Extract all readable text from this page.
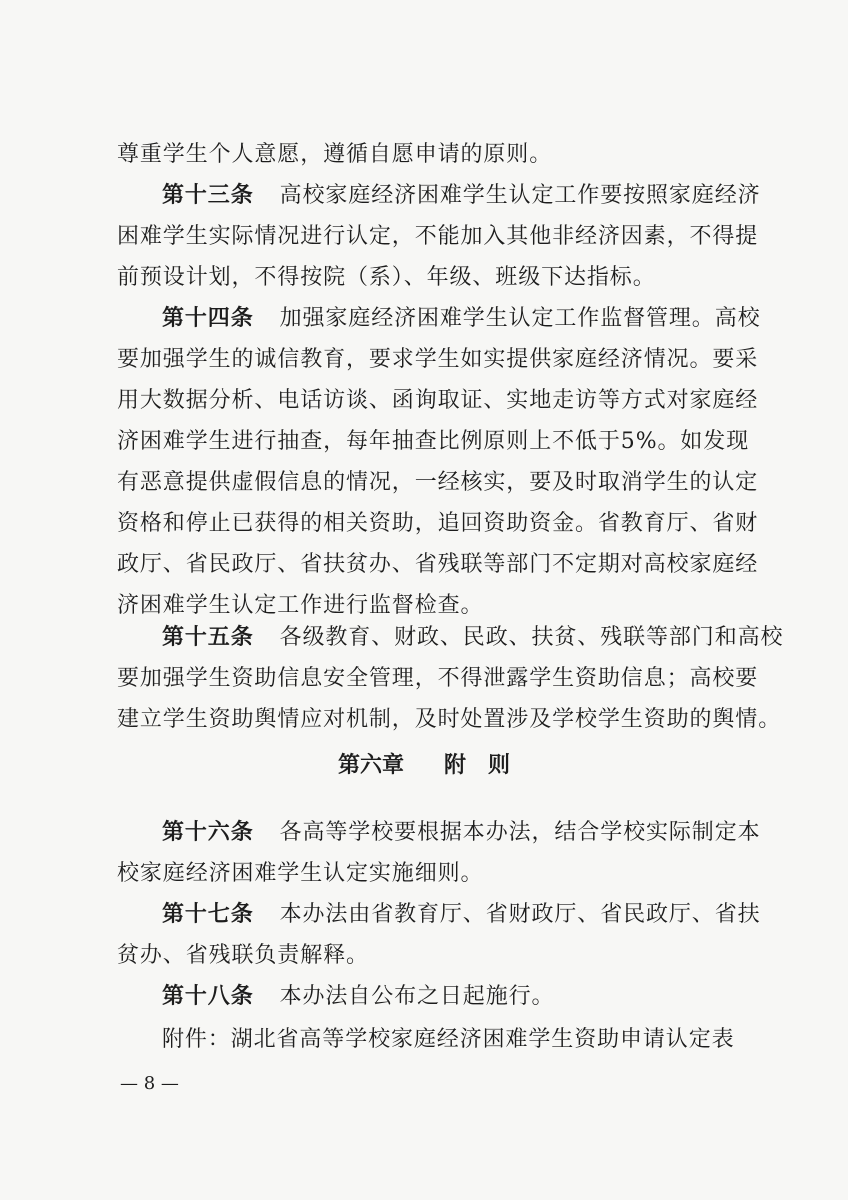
尊重学生个人意愿，遵循自愿申请的原则。
第十三条 高校家庭经济困难学生认定工作要按照家庭经济
困难学生实际情况进行认定，不能加入其他非经济因素，不得提
前预设计划，不得按院（系）、年级、班级下达指标。
第十四条 加强家庭经济困难学生认定工作监督管理。高校
要加强学生的诚信教育，要求学生如实提供家庭经济情况。要采
用大数据分析、电话访谈、函询取证、实地走访等方式对家庭经
济困难学生进行抽查，每年抽查比例原则上不低于5%。如发现
有恶意提供虚假信息的情况，一经核实，要及时取消学生的认定
资格和停止已获得的相关资助，追回资助资金。省教育厅、省财
政厅、省民政厅、省扶贫办、省残联等部门不定期对高校家庭经
济困难学生认定工作进行监督检查。
第十五条 各级教育、财政、民政、扶贫、残联等部门和高校
要加强学生资助信息安全管理，不得泄露学生资助信息；高校要
建立学生资助舆情应对机制，及时处置涉及学校学生资助的舆情。
第六章 附　则
第十六条 各高等学校要根据本办法，结合学校实际制定本
校家庭经济困难学生认定实施细则。
第十七条 本办法由省教育厅、省财政厅、省民政厅、省扶
贫办、省残联负责解释。
第十八条 本办法自公布之日起施行。
附件：湖北省高等学校家庭经济困难学生资助申请认定表
— 8 —
